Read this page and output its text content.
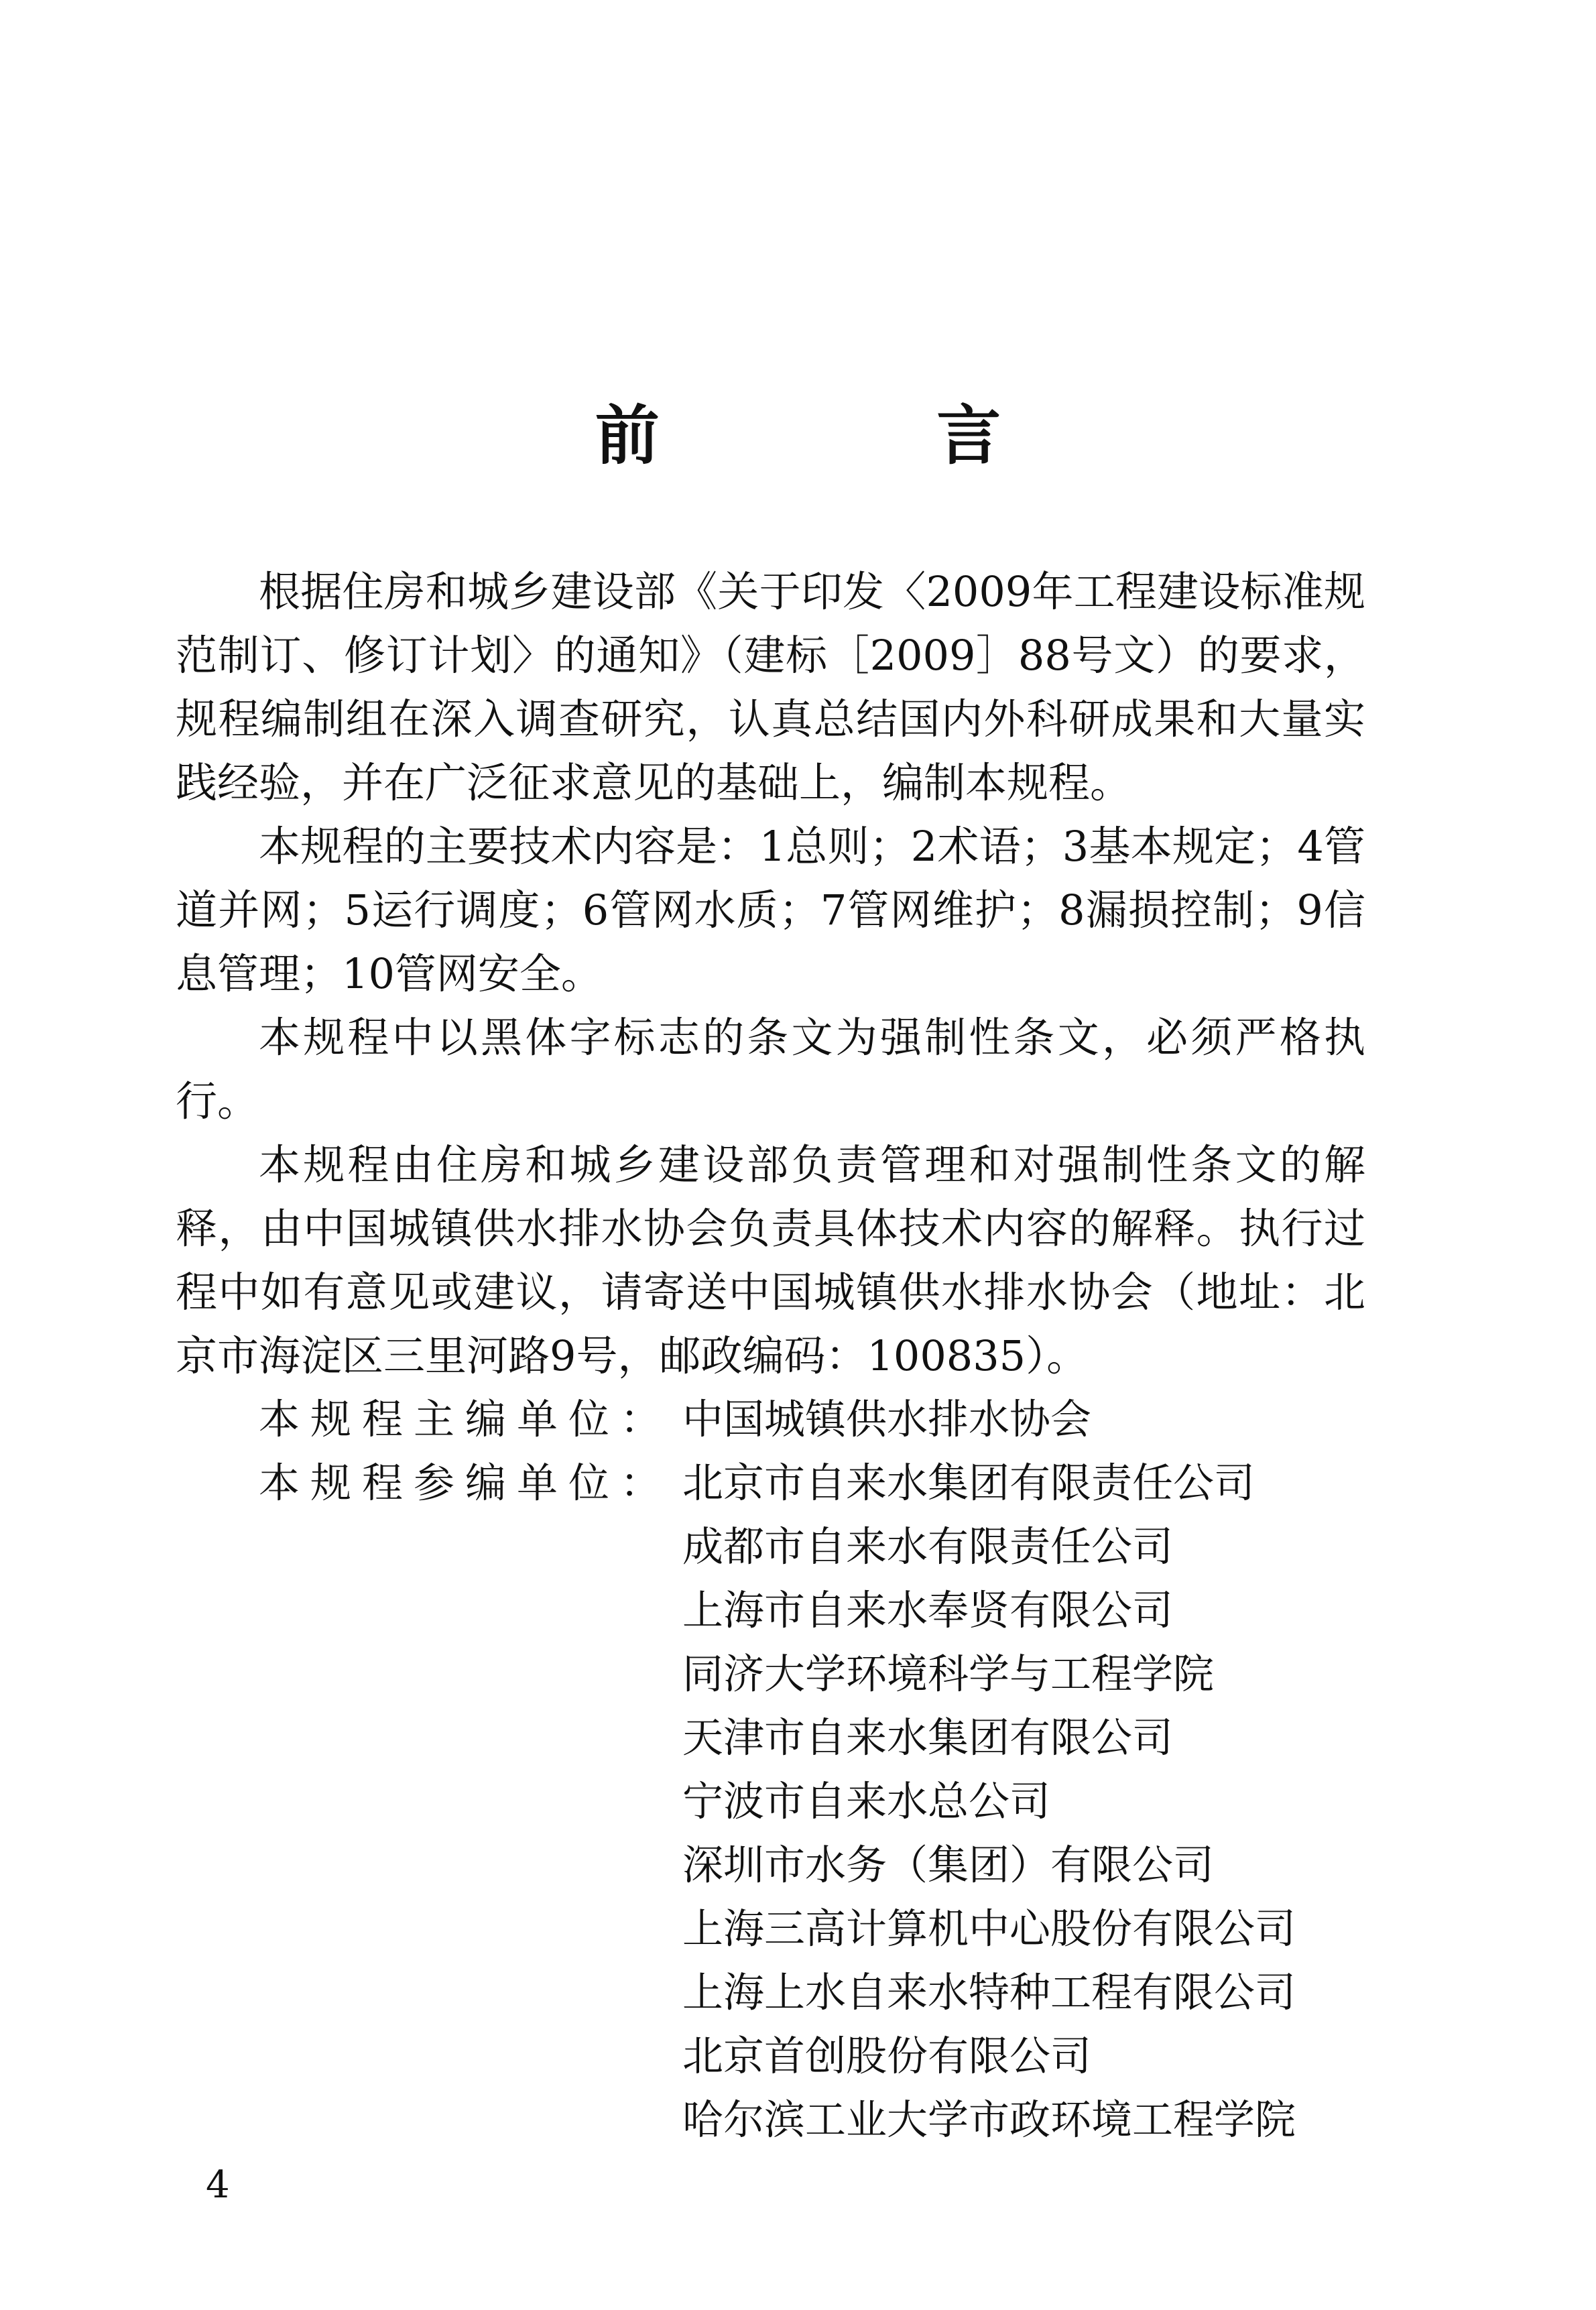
前 言

根据住房和城乡建设部《关于印发〈2009年工程建设标准规范制订、修订计划〉的通知》（建标［2009］88号文）的要求，规程编制组在深入调查研究，认真总结国内外科研成果和大量实践经验，并在广泛征求意见的基础上，编制本规程。

本规程的主要技术内容是：1总则；2术语；3基本规定；4管道并网；5运行调度；6管网水质；7管网维护；8漏损控制；9信息管理；10管网安全。

本规程中以黑体字标志的条文为强制性条文，必须严格执行。

本规程由住房和城乡建设部负责管理和对强制性条文的解释，由中国城镇供水排水协会负责具体技术内容的解释。执行过程中如有意见或建议，请寄送中国城镇供水排水协会（地址：北京市海淀区三里河路9号，邮政编码：100835）。

本规程主编单位： 中国城镇供水排水协会
本规程参编单位： 北京市自来水集团有限责任公司
成都市自来水有限责任公司
上海市自来水奉贤有限公司
同济大学环境科学与工程学院
天津市自来水集团有限公司
宁波市自来水总公司
深圳市水务（集团）有限公司
上海三高计算机中心股份有限公司
上海上水自来水特种工程有限公司
北京首创股份有限公司
哈尔滨工业大学市政环境工程学院
4
